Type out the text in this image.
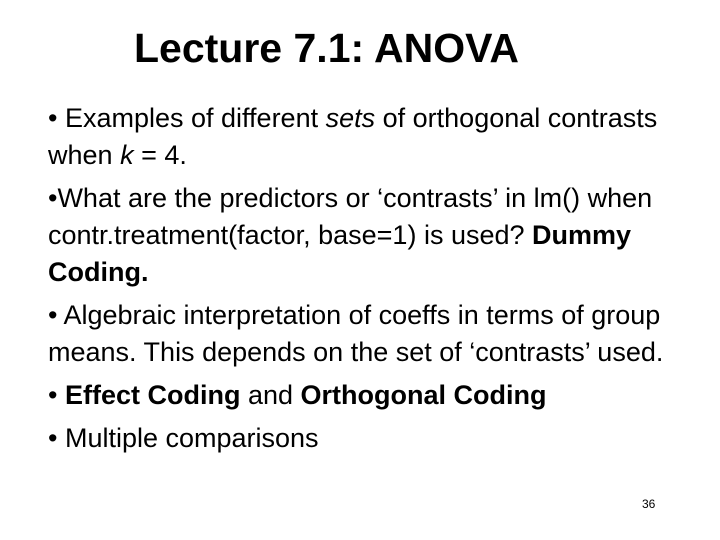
Lecture 7.1: ANOVA

• Examples of different sets of orthogonal contrasts when k = 4.

•What are the predictors or ‘contrasts’ in lm() when contr.treatment(factor, base=1) is used? Dummy Coding.

• Algebraic interpretation of coeffs in terms of group means. This depends on the set of ‘contrasts’ used.

• Effect Coding and Orthogonal Coding

• Multiple comparisons

36
